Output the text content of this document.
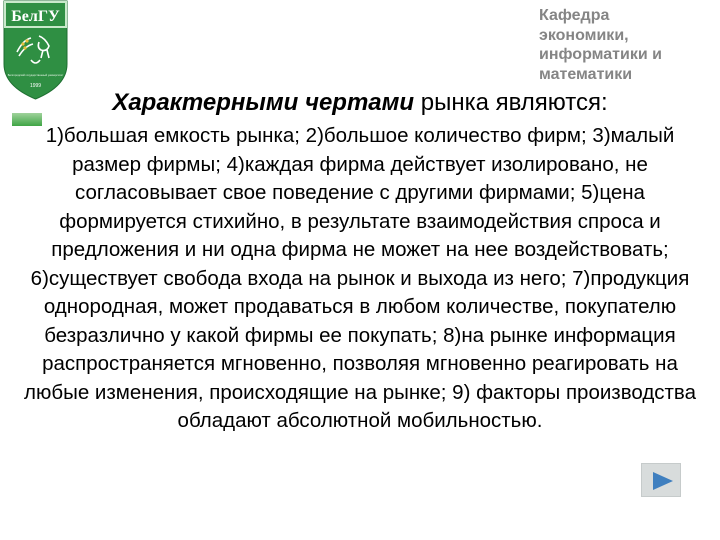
БелГУ
Белгородский государственный университет
1999
Кафедра
экономики,
информатики и
математики
Характерными чертами рынка являются:
1)большая емкость рынка; 2)большое количество фирм; 3)малый размер фирмы; 4)каждая фирма действует изолировано, не согласовывает свое поведение с другими фирмами; 5)цена формируется стихийно, в результате взаимодействия спроса и предложения и ни одна фирма не может на нее воздействовать; 6)существует свобода входа на рынок и выхода из него; 7)продукция однородная, может продаваться в любом количестве, покупателю безразлично у какой фирмы ее покупать; 8)на рынке информация распространяется мгновенно, позволяя мгновенно реагировать на любые изменения, происходящие на рынке; 9) факторы производства обладают абсолютной мобильностью.
